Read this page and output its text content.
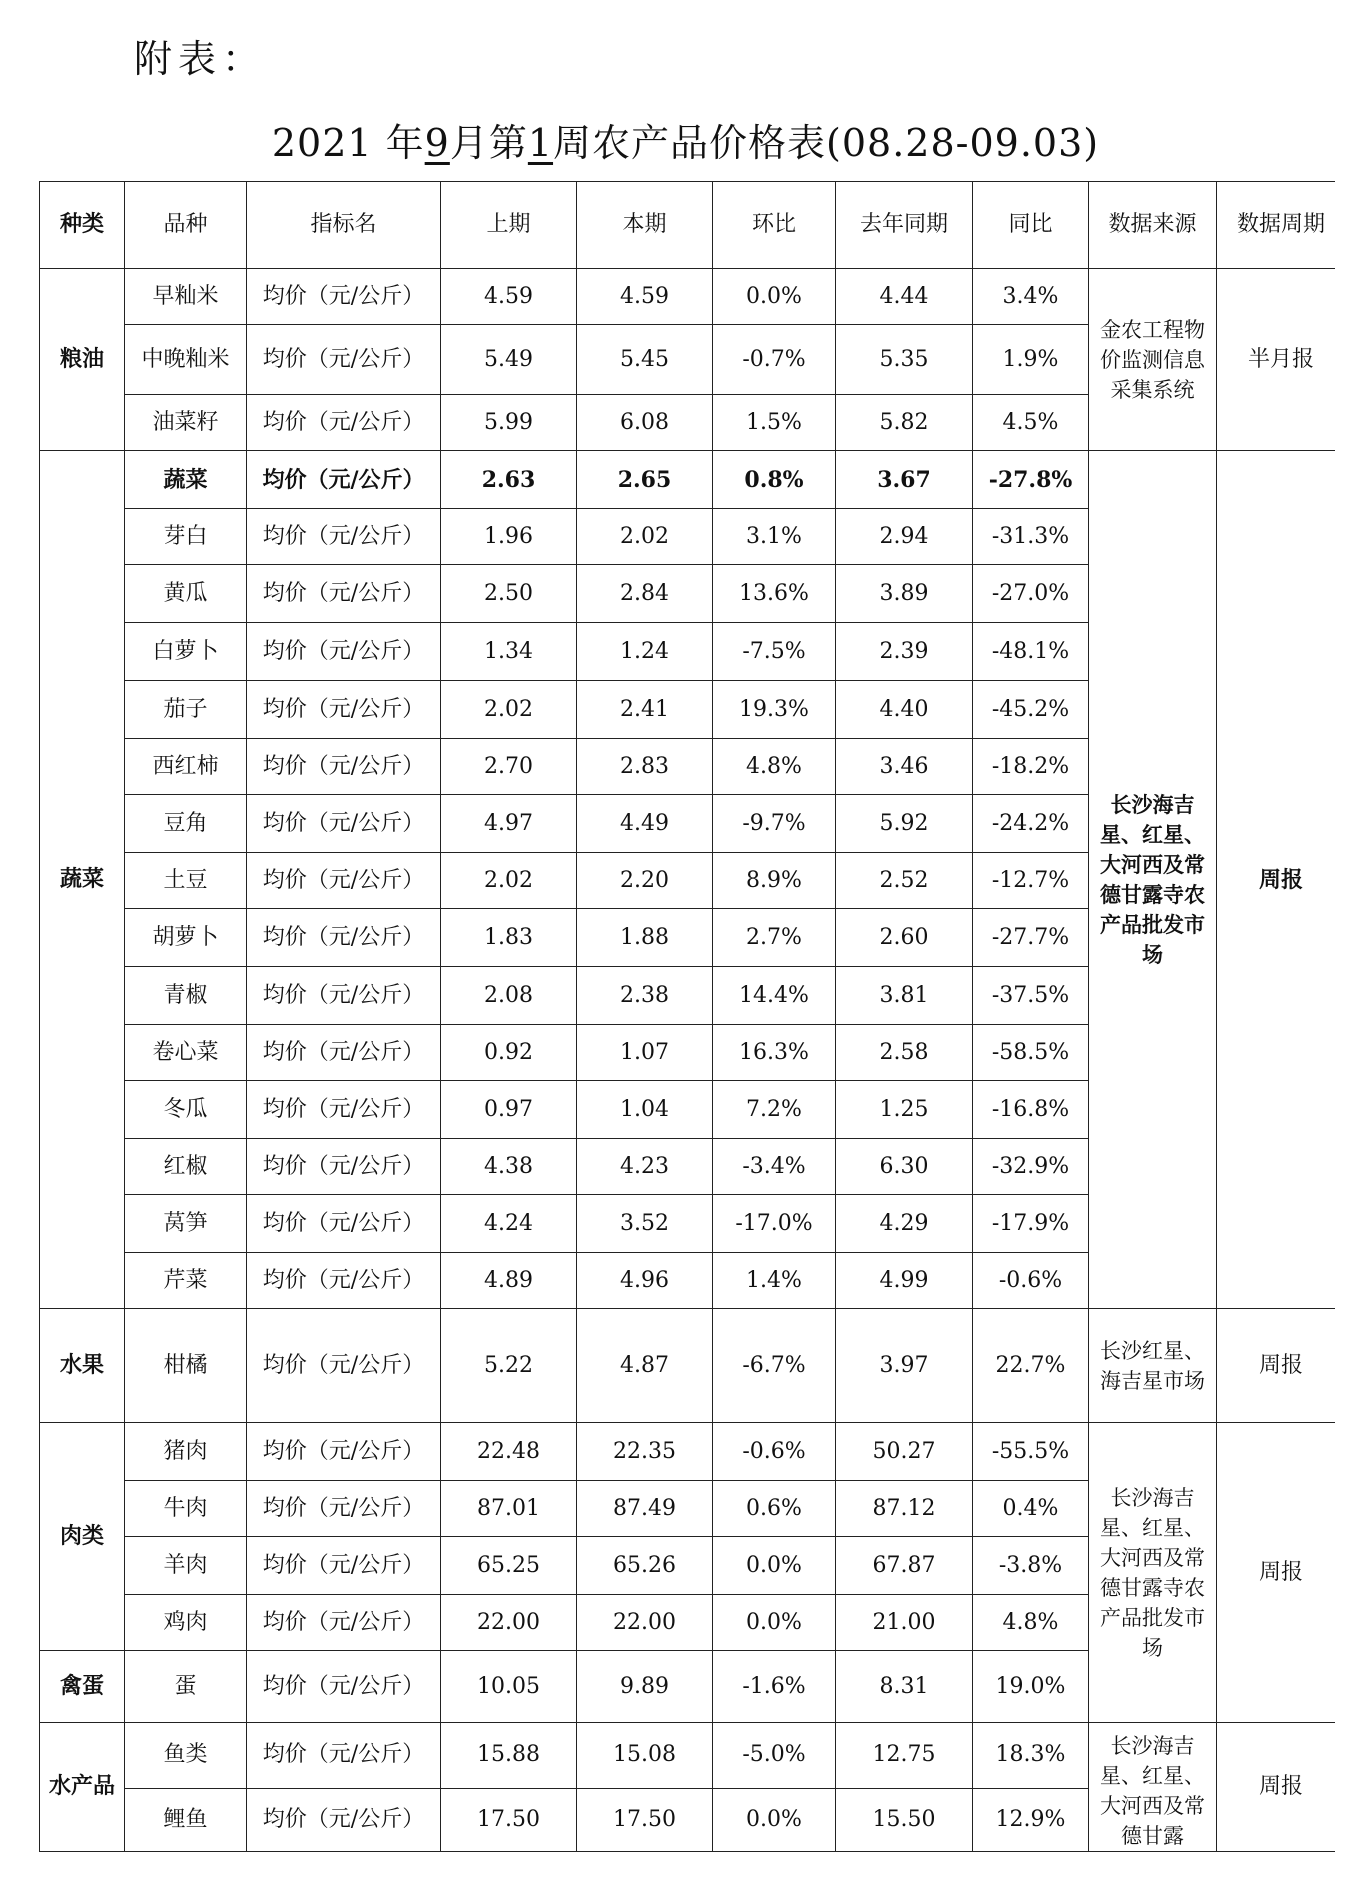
附表：
2021 年9月第1周农产品价格表(08.28-09.03)
种类	品种	指标名	上期	本期	环比	去年同期	同比	数据来源	数据周期
粮油	早籼米	均价（元/公斤）	4.59	4.59	0.0%	4.44	3.4%	金农工程物价监测信息采集系统	半月报
	中晚籼米	均价（元/公斤）	5.49	5.45	-0.7%	5.35	1.9%		
	油菜籽	均价（元/公斤）	5.99	6.08	1.5%	5.82	4.5%		
蔬菜	蔬菜	均价（元/公斤）	2.63	2.65	0.8%	3.67	-27.8%	长沙海吉星、红星、大河西及常德甘露寺农产品批发市场	周报
	芽白	均价（元/公斤）	1.96	2.02	3.1%	2.94	-31.3%		
	黄瓜	均价（元/公斤）	2.50	2.84	13.6%	3.89	-27.0%		
	白萝卜	均价（元/公斤）	1.34	1.24	-7.5%	2.39	-48.1%		
	茄子	均价（元/公斤）	2.02	2.41	19.3%	4.40	-45.2%		
	西红柿	均价（元/公斤）	2.70	2.83	4.8%	3.46	-18.2%		
	豆角	均价（元/公斤）	4.97	4.49	-9.7%	5.92	-24.2%		
	土豆	均价（元/公斤）	2.02	2.20	8.9%	2.52	-12.7%		
	胡萝卜	均价（元/公斤）	1.83	1.88	2.7%	2.60	-27.7%		
	青椒	均价（元/公斤）	2.08	2.38	14.4%	3.81	-37.5%		
	卷心菜	均价（元/公斤）	0.92	1.07	16.3%	2.58	-58.5%		
	冬瓜	均价（元/公斤）	0.97	1.04	7.2%	1.25	-16.8%		
	红椒	均价（元/公斤）	4.38	4.23	-3.4%	6.30	-32.9%		
	莴笋	均价（元/公斤）	4.24	3.52	-17.0%	4.29	-17.9%		
	芹菜	均价（元/公斤）	4.89	4.96	1.4%	4.99	-0.6%		
水果	柑橘	均价（元/公斤）	5.22	4.87	-6.7%	3.97	22.7%	长沙红星、海吉星市场	周报
肉类	猪肉	均价（元/公斤）	22.48	22.35	-0.6%	50.27	-55.5%	长沙海吉星、红星、大河西及常德甘露寺农产品批发市场	周报
	牛肉	均价（元/公斤）	87.01	87.49	0.6%	87.12	0.4%		
	羊肉	均价（元/公斤）	65.25	65.26	0.0%	67.87	-3.8%		
	鸡肉	均价（元/公斤）	22.00	22.00	0.0%	21.00	4.8%		
禽蛋	蛋	均价（元/公斤）	10.05	9.89	-1.6%	8.31	19.0%		
水产品	鱼类	均价（元/公斤）	15.88	15.08	-5.0%	12.75	18.3%	长沙海吉星、红星、大河西及常德甘露	周报
	鲤鱼	均价（元/公斤）	17.50	17.50	0.0%	15.50	12.9%		
